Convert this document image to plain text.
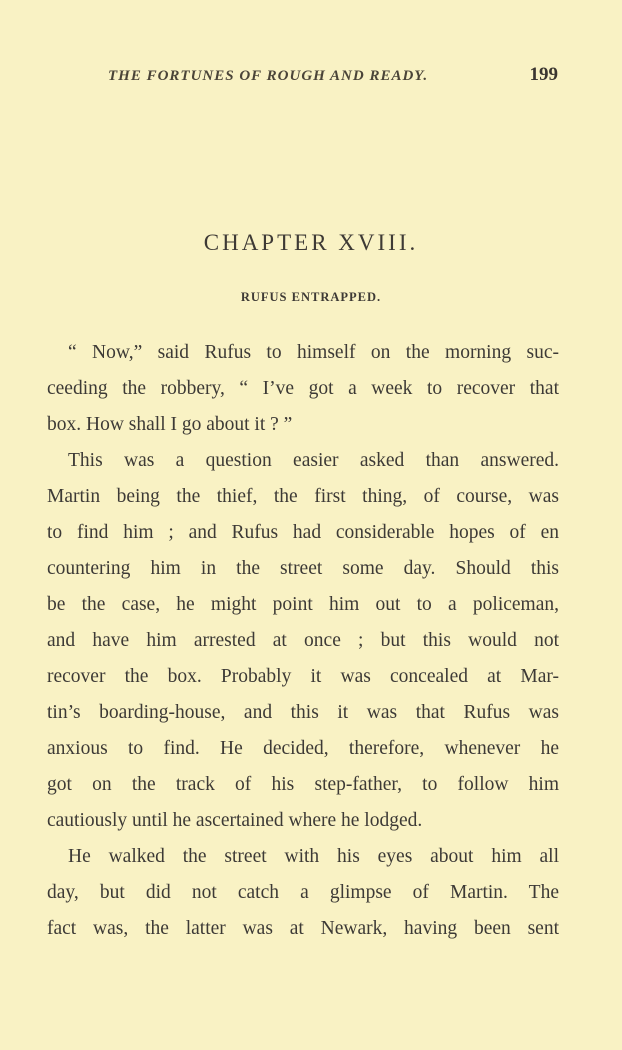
THE FORTUNES OF ROUGH AND READY.	199
CHAPTER XVIII.
RUFUS ENTRAPPED.
“ Now,” said Rufus to himself on the morning suc-
ceeding the robbery, “ I’ve got a week to recover that
box. How shall I go about it ? ”
This was a question easier asked than answered.
Martin being the thief, the first thing, of course, was
to find him ; and Rufus had considerable hopes of en
countering him in the street some day. Should this
be the case, he might point him out to a policeman,
and have him arrested at once ; but this would not
recover the box. Probably it was concealed at Mar-
tin’s boarding-house, and this it was that Rufus was
anxious to find. He decided, therefore, whenever he
got on the track of his step-father, to follow him
cautiously until he ascertained where he lodged.
He walked the street with his eyes about him all
day, but did not catch a glimpse of Martin. The
fact was, the latter was at Newark, having been sent
